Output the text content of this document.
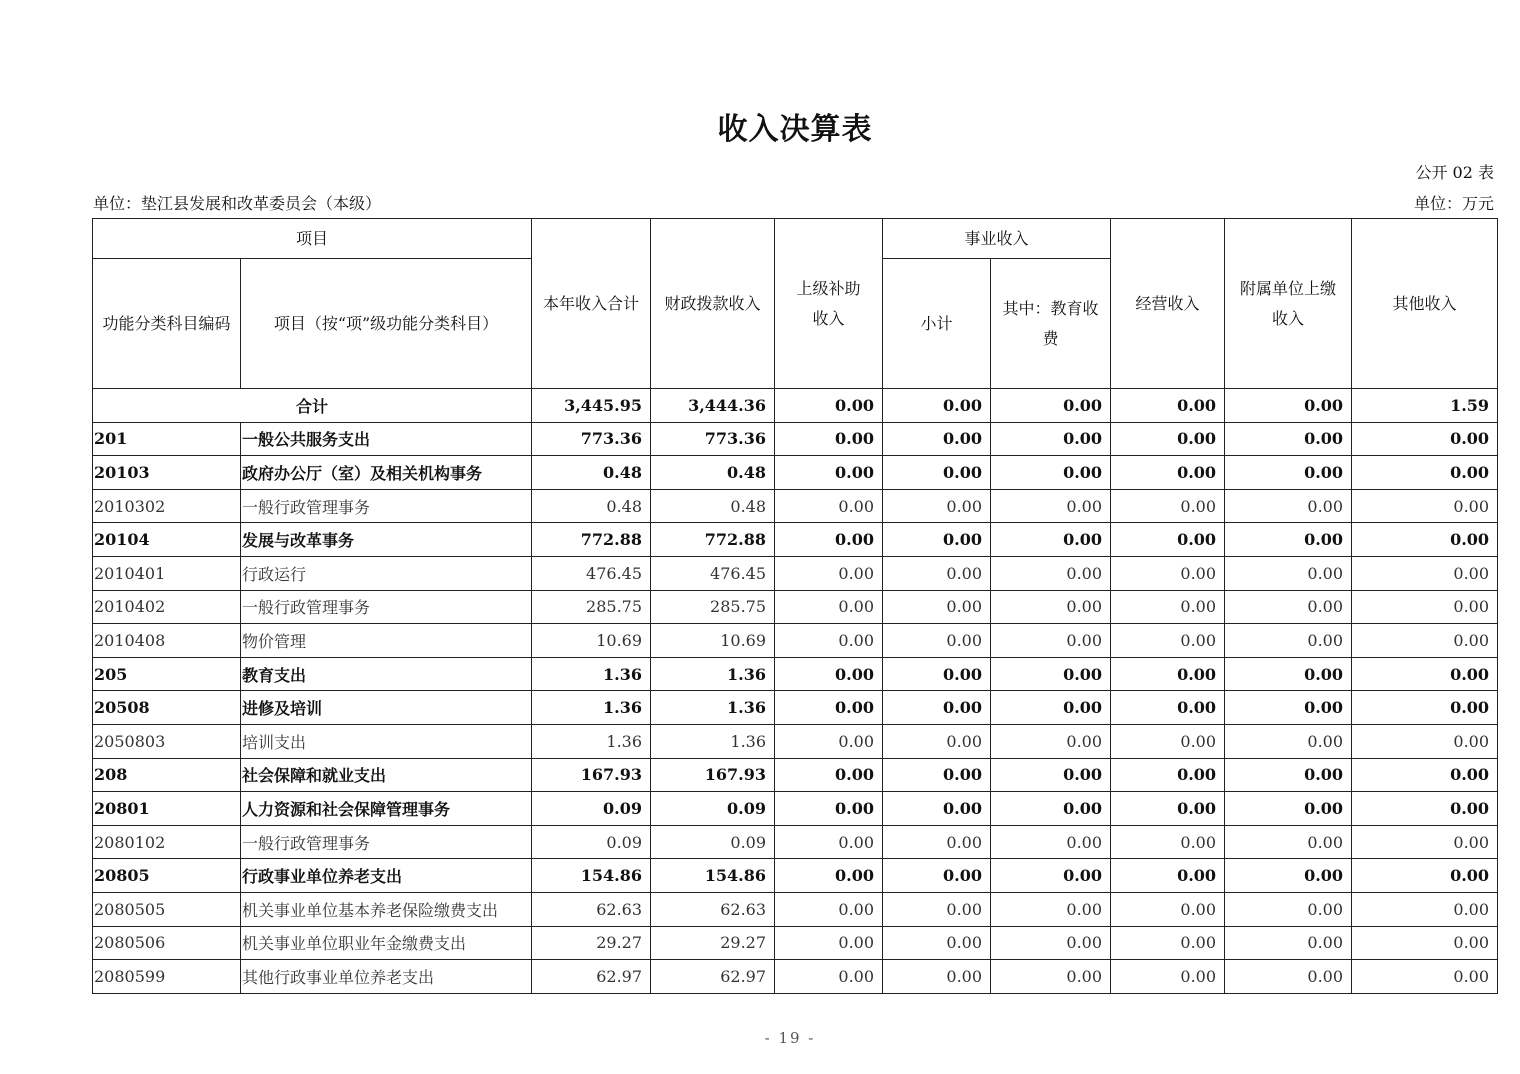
收入决算表
公开 02 表
单位：垫江县发展和改革委员会（本级）	单位：万元
项目		本年收入合计	财政拨款收入	上级补助收入	事业收入		经营收入	附属单位上缴收入	其他收入
功能分类科目编码	项目（按“项”级功能分类科目）				小计	其中：教育收费			
合计		3,445.95	3,444.36	0.00	0.00	0.00	0.00	0.00	1.59
201	一般公共服务支出	773.36	773.36	0.00	0.00	0.00	0.00	0.00	0.00
20103	政府办公厅（室）及相关机构事务	0.48	0.48	0.00	0.00	0.00	0.00	0.00	0.00
2010302	一般行政管理事务	0.48	0.48	0.00	0.00	0.00	0.00	0.00	0.00
20104	发展与改革事务	772.88	772.88	0.00	0.00	0.00	0.00	0.00	0.00
2010401	行政运行	476.45	476.45	0.00	0.00	0.00	0.00	0.00	0.00
2010402	一般行政管理事务	285.75	285.75	0.00	0.00	0.00	0.00	0.00	0.00
2010408	物价管理	10.69	10.69	0.00	0.00	0.00	0.00	0.00	0.00
205	教育支出	1.36	1.36	0.00	0.00	0.00	0.00	0.00	0.00
20508	进修及培训	1.36	1.36	0.00	0.00	0.00	0.00	0.00	0.00
2050803	培训支出	1.36	1.36	0.00	0.00	0.00	0.00	0.00	0.00
208	社会保障和就业支出	167.93	167.93	0.00	0.00	0.00	0.00	0.00	0.00
20801	人力资源和社会保障管理事务	0.09	0.09	0.00	0.00	0.00	0.00	0.00	0.00
2080102	一般行政管理事务	0.09	0.09	0.00	0.00	0.00	0.00	0.00	0.00
20805	行政事业单位养老支出	154.86	154.86	0.00	0.00	0.00	0.00	0.00	0.00
2080505	机关事业单位基本养老保险缴费支出	62.63	62.63	0.00	0.00	0.00	0.00	0.00	0.00
2080506	机关事业单位职业年金缴费支出	29.27	29.27	0.00	0.00	0.00	0.00	0.00	0.00
2080599	其他行政事业单位养老支出	62.97	62.97	0.00	0.00	0.00	0.00	0.00	0.00
- 19 -
